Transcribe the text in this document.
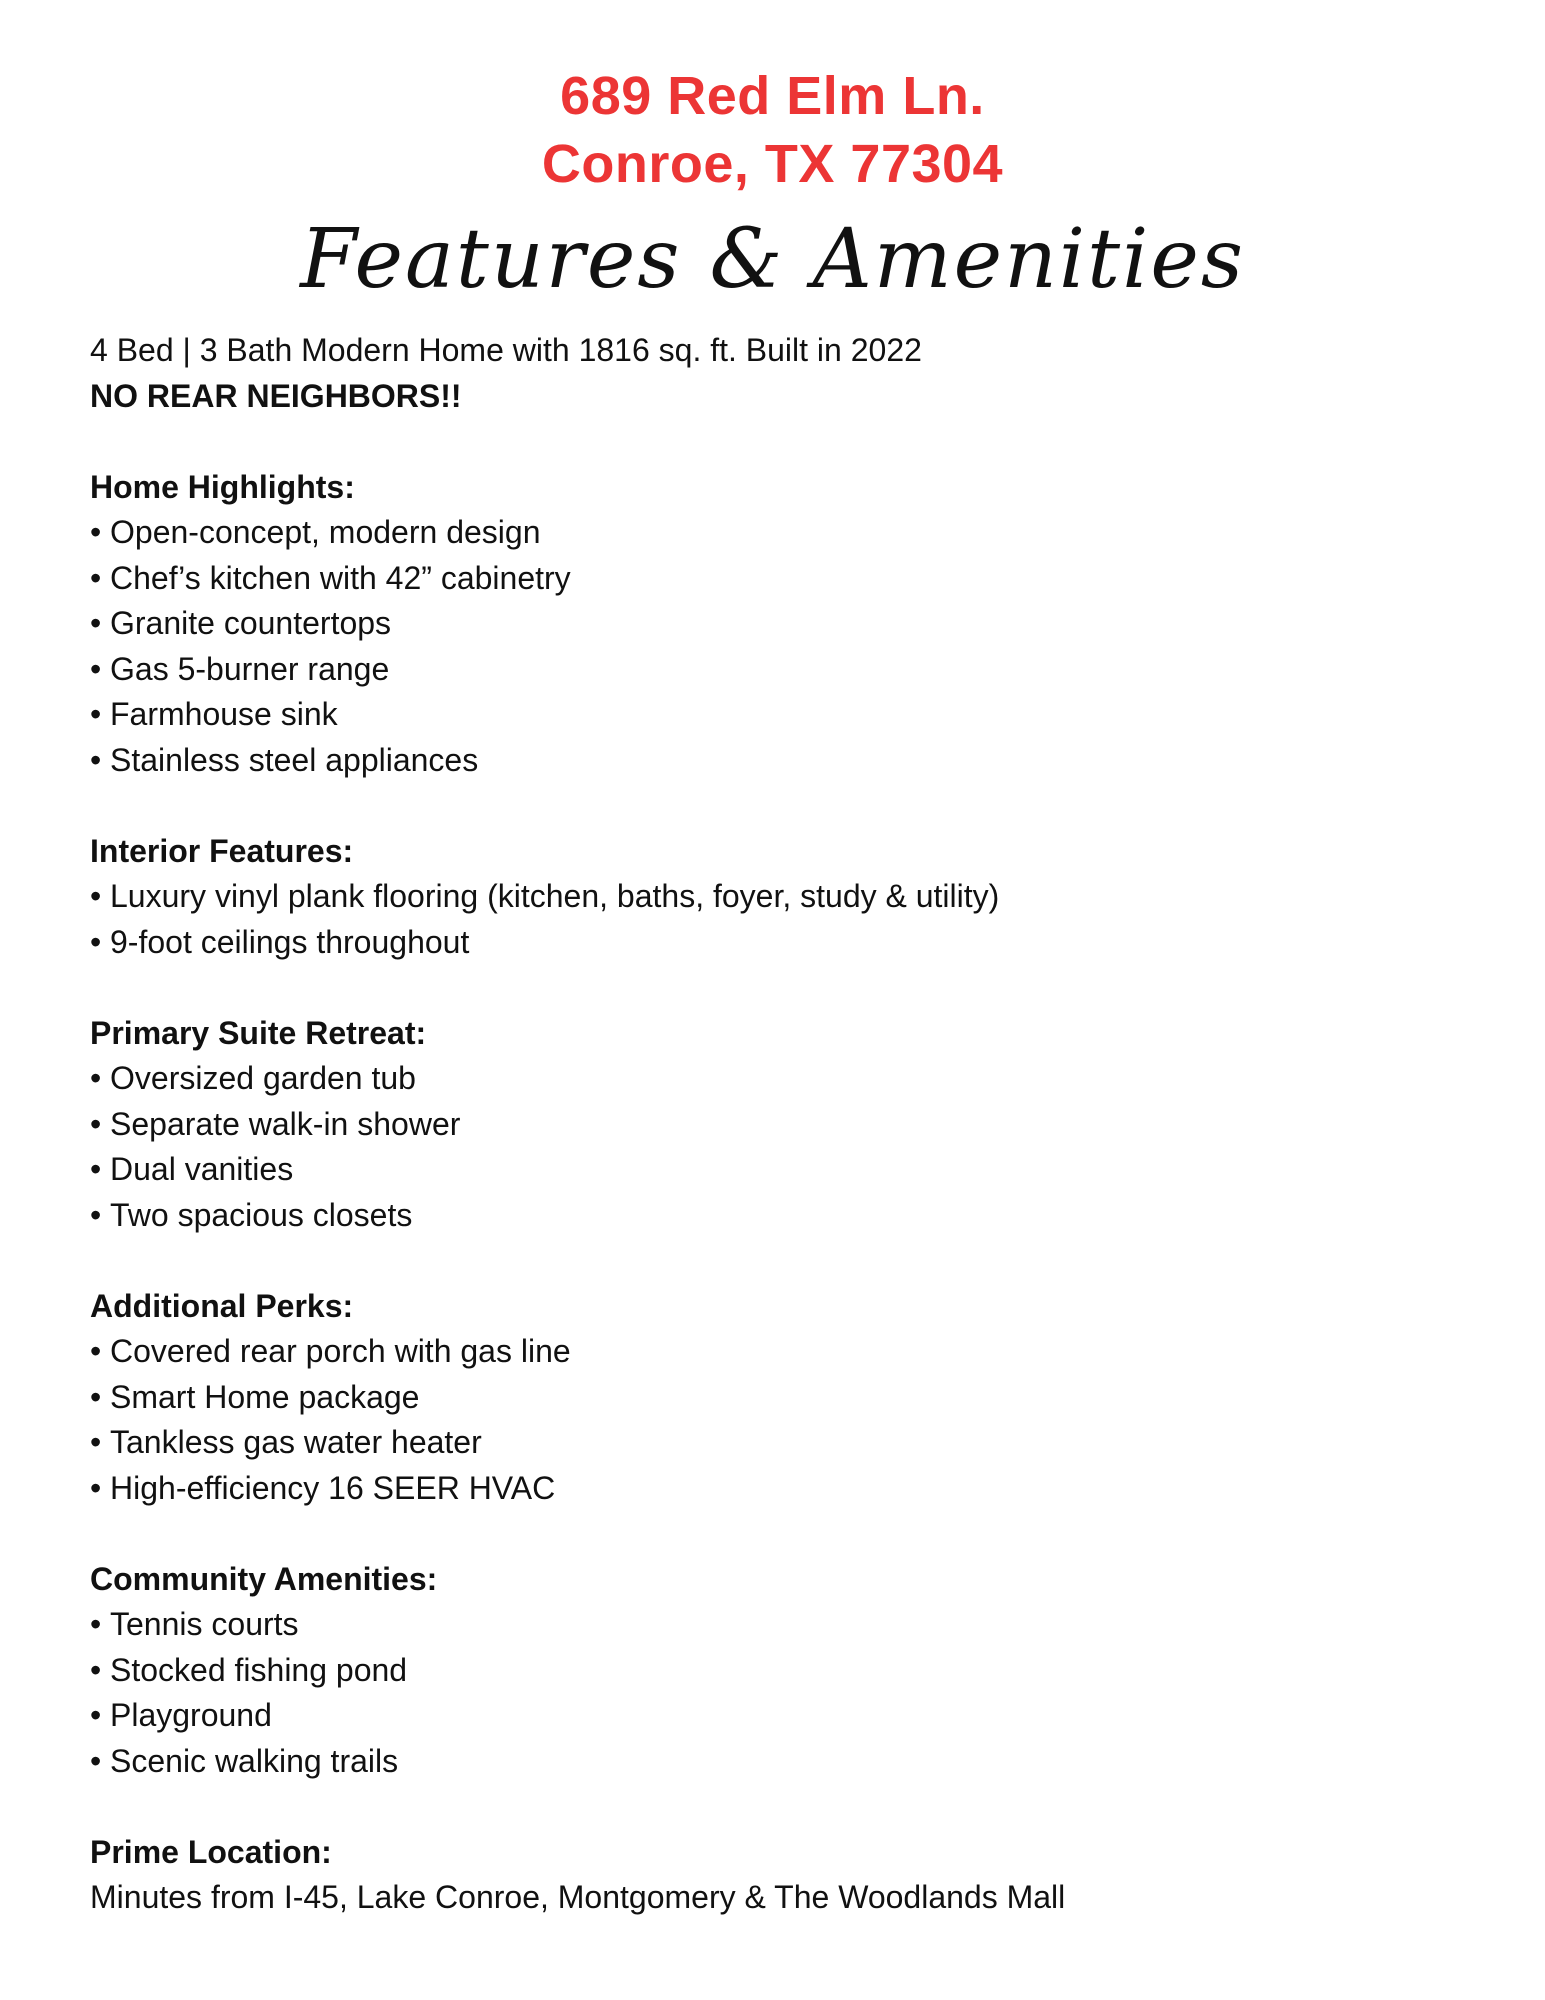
689 Red Elm Ln.

Conroe, TX 77304

Features & Amenities

4 Bed | 3 Bath Modern Home with 1816 sq. ft. Built in 2022

NO REAR NEIGHBORS!!

Home Highlights:

• Open-concept, modern design
• Chef’s kitchen with 42” cabinetry
• Granite countertops
• Gas 5-burner range
• Farmhouse sink
• Stainless steel appliances

Interior Features:

• Luxury vinyl plank flooring (kitchen, baths, foyer, study & utility)
• 9-foot ceilings throughout

Primary Suite Retreat:

• Oversized garden tub
• Separate walk-in shower
• Dual vanities
• Two spacious closets

Additional Perks:

• Covered rear porch with gas line
• Smart Home package
• Tankless gas water heater
• High-efficiency 16 SEER HVAC

Community Amenities:

• Tennis courts
• Stocked fishing pond
• Playground
• Scenic walking trails

Prime Location:

Minutes from I-45, Lake Conroe, Montgomery & The Woodlands Mall
